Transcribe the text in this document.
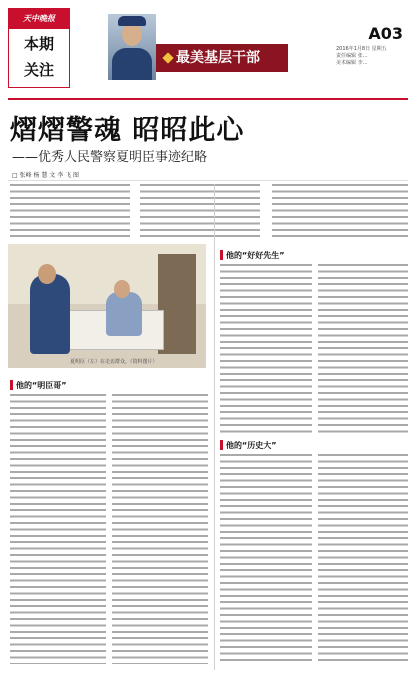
天中晚报
本期
关注
最美基层干部
A03
2016年1月8日 星期五
责任编辑 张…
美术编辑 李…
熠熠警魂 昭昭此心
——优秀人民警察夏明臣事迹纪略
□ 张峰 杨 慧 文 李 飞 图
夏明臣（左）在走访群众。（资料图片）
他的“好好先生”
他的“历史大”
他的“明臣哥”
